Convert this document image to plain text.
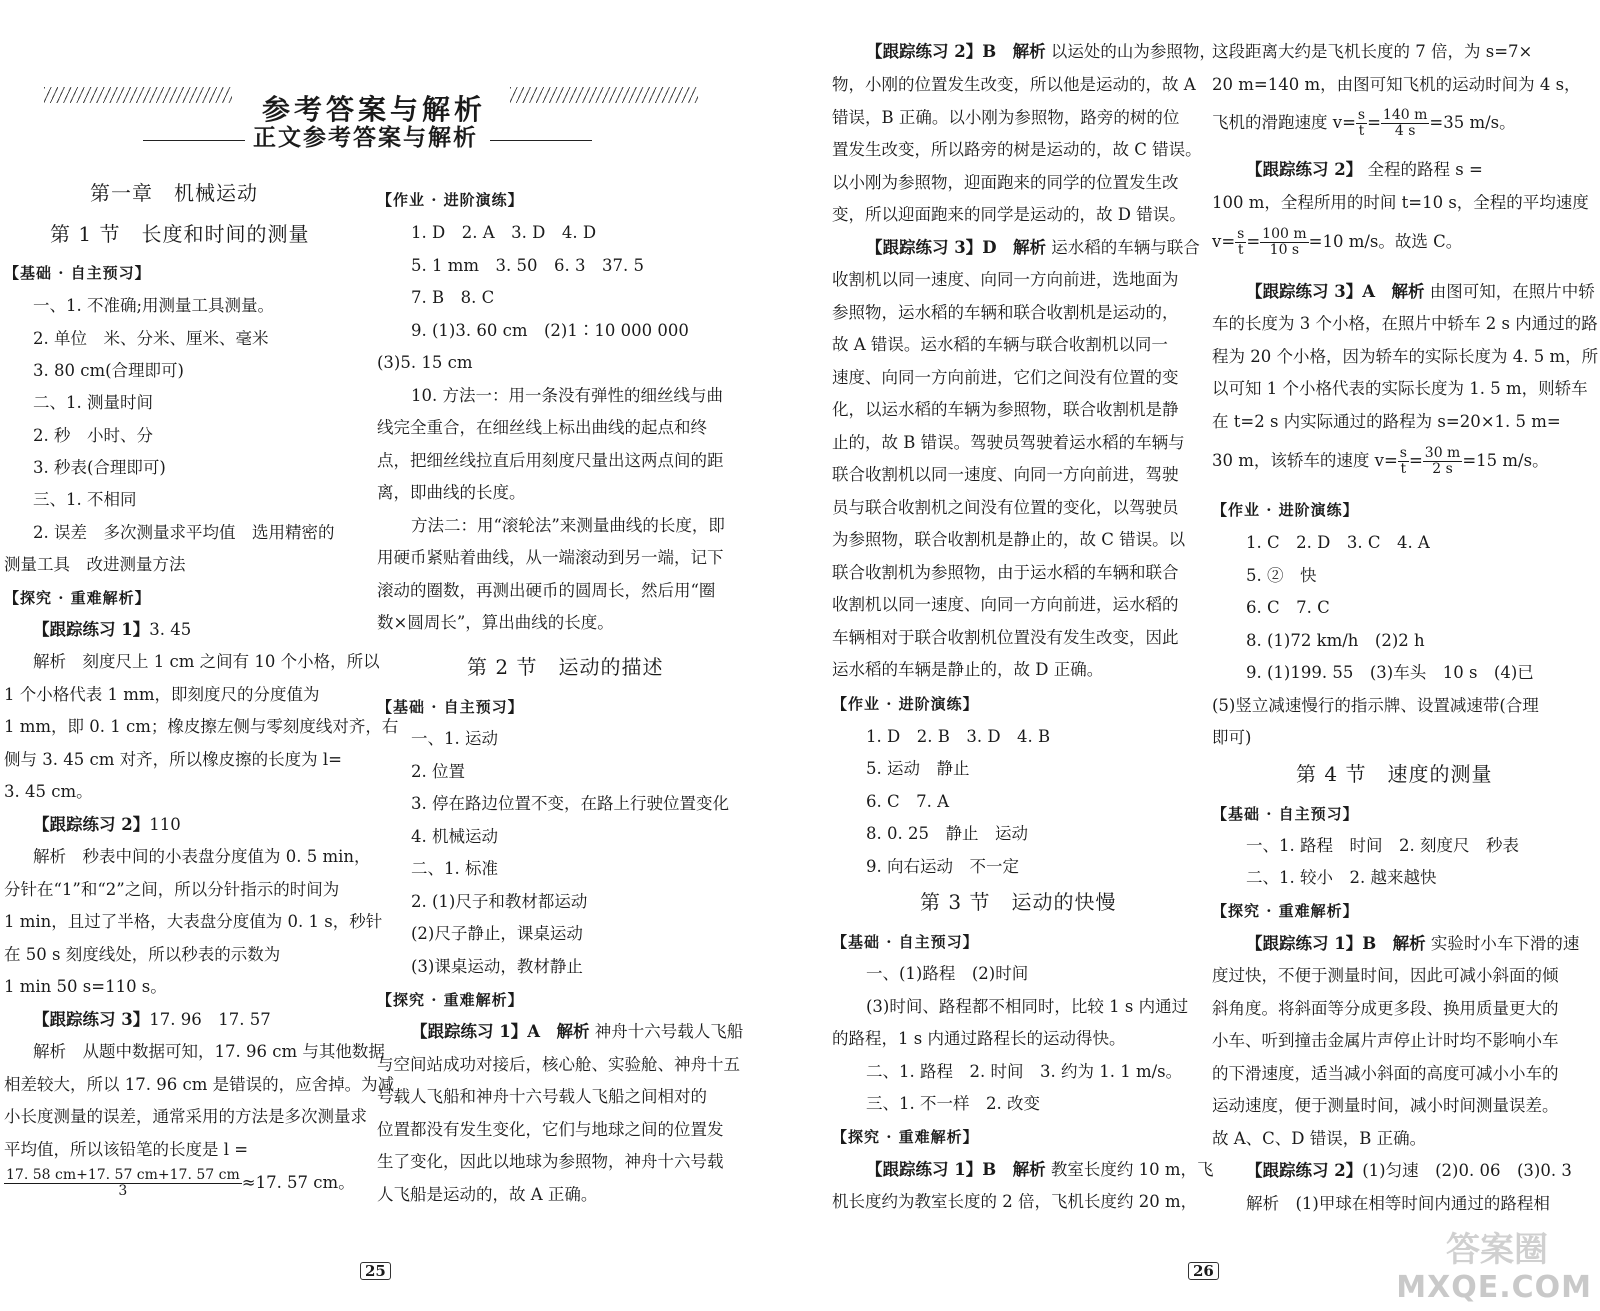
参考答案与解析
正文参考答案与解析
第一章　机械运动
第 1 节　长度和时间的测量
【基础 · 自主预习】
一、1. 不准确;用测量工具测量。
2. 单位　米、分米、厘米、毫米
3. 80 cm(合理即可)
二、1. 测量时间
2. 秒　小时、分
3. 秒表(合理即可)
三、1. 不相同
2. 误差　多次测量求平均值　选用精密的
测量工具　改进测量方法
【探究 · 重难解析】
【跟踪练习 1】3. 45
解析　刻度尺上 1 cm 之间有 10 个小格，所以
1 个小格代表 1 mm，即刻度尺的分度值为
1 mm，即 0. 1 cm；橡皮擦左侧与零刻度线对齐，右
侧与 3. 45 cm 对齐，所以橡皮擦的长度为 l=
3. 45 cm。
【跟踪练习 2】110
解析　秒表中间的小表盘分度值为 0. 5 min，
分针在“1”和“2”之间，所以分针指示的时间为
1 min，且过了半格，大表盘分度值为 0. 1 s，秒针
在 50 s 刻度线处，所以秒表的示数为
1 min 50 s=110 s。
【跟踪练习 3】17. 96　17. 57
解析　从题中数据可知，17. 96 cm 与其他数据
相差较大，所以 17. 96 cm 是错误的，应舍掉。为减
小长度测量的误差，通常采用的方法是多次测量求
平均值，所以该铅笔的长度是 l =
$\frac{17. 58 cm+17. 57 cm+17. 57 cm}{3} \approx 17$. 57 cm。
25
【作业 · 进阶演练】
1. D　2. A　3. D　4. D
5. 1 mm　3. 50　6. 3　37. 5
7. B　8. C
9. (1)3. 60 cm　(2)1∶10 000 000
(3)5. 15 cm
10. 方法一：用一条没有弹性的细丝线与曲
线完全重合，在细丝线上标出曲线的起点和终
点，把细丝线拉直后用刻度尺量出这两点间的距
离，即曲线的长度。
方法二：用“滚轮法”来测量曲线的长度，即
用硬币紧贴着曲线，从一端滚动到另一端，记下
滚动的圈数，再测出硬币的圆周长，然后用“圈
数×圆周长”，算出曲线的长度。
第 2 节　运动的描述
【基础 · 自主预习】
一、1. 运动
2. 位置
3. 停在路边位置不变，在路上行驶位置变化
4. 机械运动
二、1. 标准
2. (1)尺子和教材都运动
(2)尺子静止，课桌运动
(3)课桌运动，教材静止
【探究 · 重难解析】
【跟踪练习 1】A　解析 神舟十六号载人飞船
与空间站成功对接后，核心舱、实验舱、神舟十五
号载人飞船和神舟十六号载人飞船之间相对的
位置都没有发生变化，它们与地球之间的位置发
生了变化，因此以地球为参照物，神舟十六号载
人飞船是运动的，故 A 正确。
【跟踪练习 2】B　解析 以运处的山为参照物，
物，小刚的位置发生改变，所以他是运动的，故 A
错误，B 正确。以小刚为参照物，路旁的树的位
置发生改变，所以路旁的树是运动的，故 C 错误。
以小刚为参照物，迎面跑来的同学的位置发生改
变，所以迎面跑来的同学是运动的，故 D 错误。
【跟踪练习 3】D　解析 运水稻的车辆与联合
收割机以同一速度、向同一方向前进，选地面为
参照物，运水稻的车辆和联合收割机是运动的，
故 A 错误。运水稻的车辆与联合收割机以同一
速度、向同一方向前进，它们之间没有位置的变
化，以运水稻的车辆为参照物，联合收割机是静
止的，故 B 错误。驾驶员驾驶着运水稻的车辆与
联合收割机以同一速度、向同一方向前进，驾驶
员与联合收割机之间没有位置的变化，以驾驶员
为参照物，联合收割机是静止的，故 C 错误。以
联合收割机为参照物，由于运水稻的车辆和联合
收割机以同一速度、向同一方向前进，运水稻的
车辆相对于联合收割机位置没有发生改变，因此
运水稻的车辆是静止的，故 D 正确。
【作业 · 进阶演练】
1. D　2. B　3. D　4. B
5. 运动　静止
6. C　7. A
8. 0. 25　静止　运动
9. 向右运动　不一定
第 3 节　运动的快慢
【基础 · 自主预习】
一、(1)路程　(2)时间
(3)时间、路程都不相同时，比较 1 s 内通过
的路程，1 s 内通过路程长的运动得快。
二、1. 路程　2. 时间　3. 约为 1. 1 m/s。
三、1. 不一样　2. 改变
【探究 · 重难解析】
【跟踪练习 1】B　解析 教室长度约 10 m，飞
机长度约为教室长度的 2 倍，飞机长度约 20 m，
26
这段距离大约是飞机长度的 7 倍，为 s=7×
20 m=140 m，由图可知飞机的运动时间为 4 s，
飞机的滑跑速度 $v= \frac{s}{t} = \frac{140 m}{4 s} =35$ m/s。
【跟踪练习 2】 全程的路程 s =
100 m，全程所用的时间 t=10 s，全程的平均速度
$v= \frac{s}{t} = \frac{100 m}{10 s} =10$ m/s。故选 C。
【跟踪练习 3】A　解析 由图可知，在照片中轿
车的长度为 3 个小格，在照片中轿车 2 s 内通过的路
程为 20 个小格，因为轿车的实际长度为 4. 5 m，所
以可知 1 个小格代表的实际长度为 1. 5 m，则轿车
在 t=2 s 内实际通过的路程为 s=20×1. 5 m=
30 m，该轿车的速度 $v= \frac{s}{t} = \frac{30 m}{2 s} =15$ m/s。
【作业 · 进阶演练】
1. C　2. D　3. C　4. A
5. ②　快
6. C　7. C
8. (1)72 km/h　(2)2 h
9. (1)199. 55　(3)车头　10 s　(4)已
(5)竖立减速慢行的指示牌、设置减速带(合理
即可)
第 4 节　速度的测量
【基础 · 自主预习】
一、1. 路程　时间　2. 刻度尺　秒表
二、1. 较小　2. 越来越快
【探究 · 重难解析】
【跟踪练习 1】B　解析 实验时小车下滑的速
度过快，不便于测量时间，因此可减小斜面的倾
斜角度。将斜面等分成更多段、换用质量更大的
小车、听到撞击金属片声停止计时均不影响小车
的下滑速度，适当减小斜面的高度可减小小车的
运动速度，便于测量时间，减小时间测量误差。
故 A、C、D 错误，B 正确。
【跟踪练习 2】(1)匀速　(2)0. 06　(3)0. 3
解析　(1)甲球在相等时间内通过的路程相
答案圈
MXQE.COM
